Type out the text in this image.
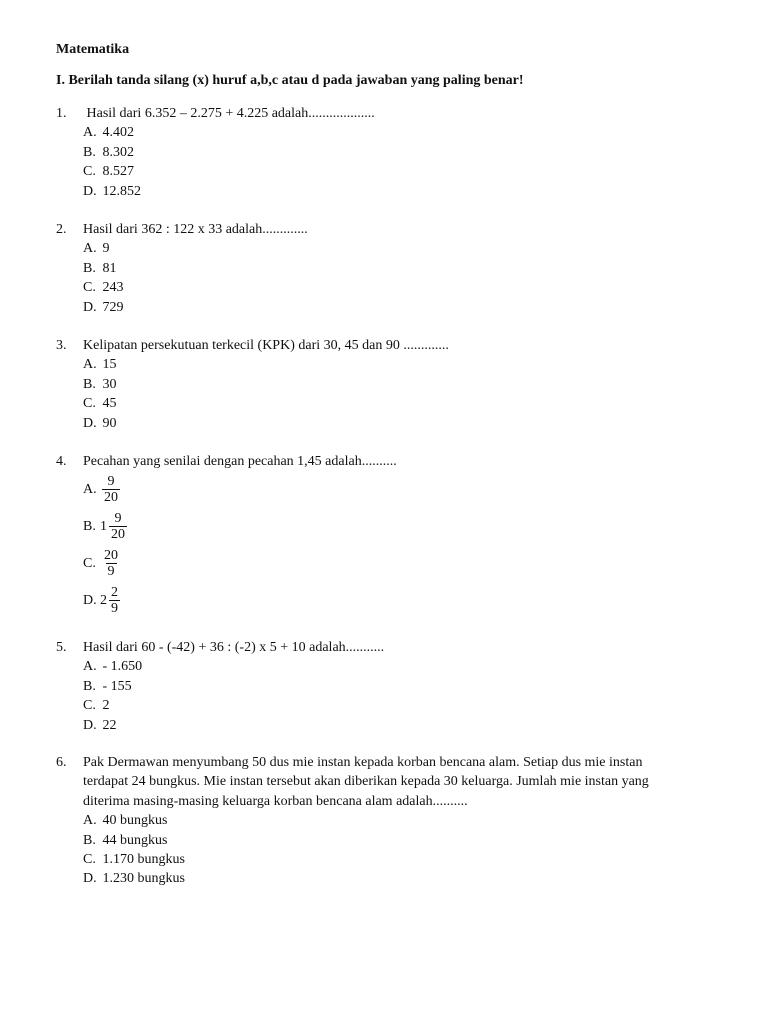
Matematika
I. Berilah tanda silang (x) huruf a,b,c atau d pada jawaban yang paling benar!
1. Hasil dari 6.352 – 2.275 + 4.225 adalah...................
A. 4.402
B. 8.302
C. 8.527
D. 12.852
2. Hasil dari 362 : 122 x 33 adalah.............
A. 9
B. 81
C. 243
D. 729
3. Kelipatan persekutuan terkecil (KPK) dari 30, 45 dan 90 .............
A. 15
B. 30
C. 45
D. 90
4. Pecahan yang senilai dengan pecahan 1,45 adalah..........
A. $\frac{9}{20}$
B. $1 \frac{9}{20}$
C. $\frac{20}{9}$
D. $2 \frac{2}{9}$
5. Hasil dari 60 - (-42) + 36 : (-2) x 5 + 10 adalah...........
A. - 1.650
B. - 155
C. 2
D. 22
6. Pak Dermawan menyumbang 50 dus mie instan kepada korban bencana alam. Setiap dus mie instan
terdapat 24 bungkus. Mie instan tersebut akan diberikan kepada 30 keluarga. Jumlah mie instan yang
diterima masing-masing keluarga korban bencana alam adalah..........
A. 40 bungkus
B. 44 bungkus
C. 1.170 bungkus
D. 1.230 bungkus
